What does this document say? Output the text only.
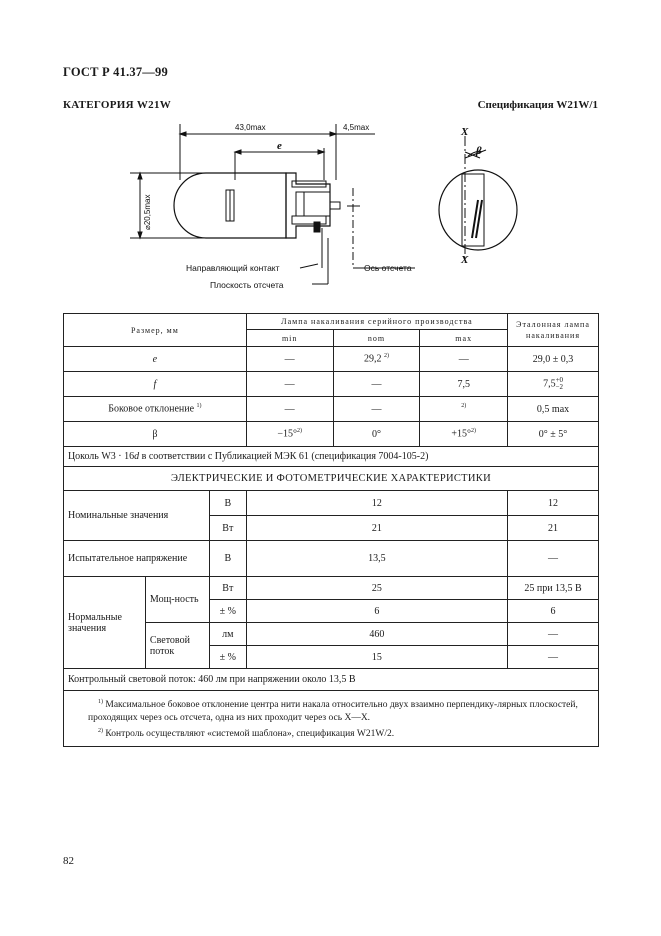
ГОСТ Р 41.37—99
КАТЕГОРИЯ W21W	Спецификация W21W/1
43,0max	4,5max
e
⌀20,5max
X
X
β
Направляющий контакт
Плоскость отсчета
Ось отсчета
Размер, мм			Лампа накаливания серийного производства			Эталонная лампа накаливания
			min	nom	max	
e			—	29,2 $^{2)}$	—	29,0 ± 0,3
f			—	—	7,5	7,5+0
−2
Боковое отклонение $^{1)}$			—	—	$^{2)}$	0,5 max
β			−15°$^{2)}$	0°	+15°$^{2)}$	0° ± 5°
Цоколь W3 · 16d в соответствии с Публикацией МЭК 61 (спецификация 7004-105-2)						
ЭЛЕКТРИЧЕСКИЕ И ФОТОМЕТРИЧЕСКИЕ ХАРАКТЕРИСТИКИ						
Номинальные значения		В	12			12
		Вт	21			21
Испытательное напряжение		В	13,5			—
Нормальные значения	Мощ-ность	Вт	25			25 при 13,5 В
		± %	6			6
	Световой поток	лм	460			—
		± %	15			—
Контрольный световой поток: 460 лм при напряжении около 13,5 В						

$^{1)}$ Максимальное боковое отклонение центра нити накала относительно двух взаимно перпендику-лярных плоскостей, проходящих через ось отсчета, одна из них проходит через ось X—X.
$^{2)}$ Контроль осуществляют «системой шаблона», спецификация W21W/2.						
82
